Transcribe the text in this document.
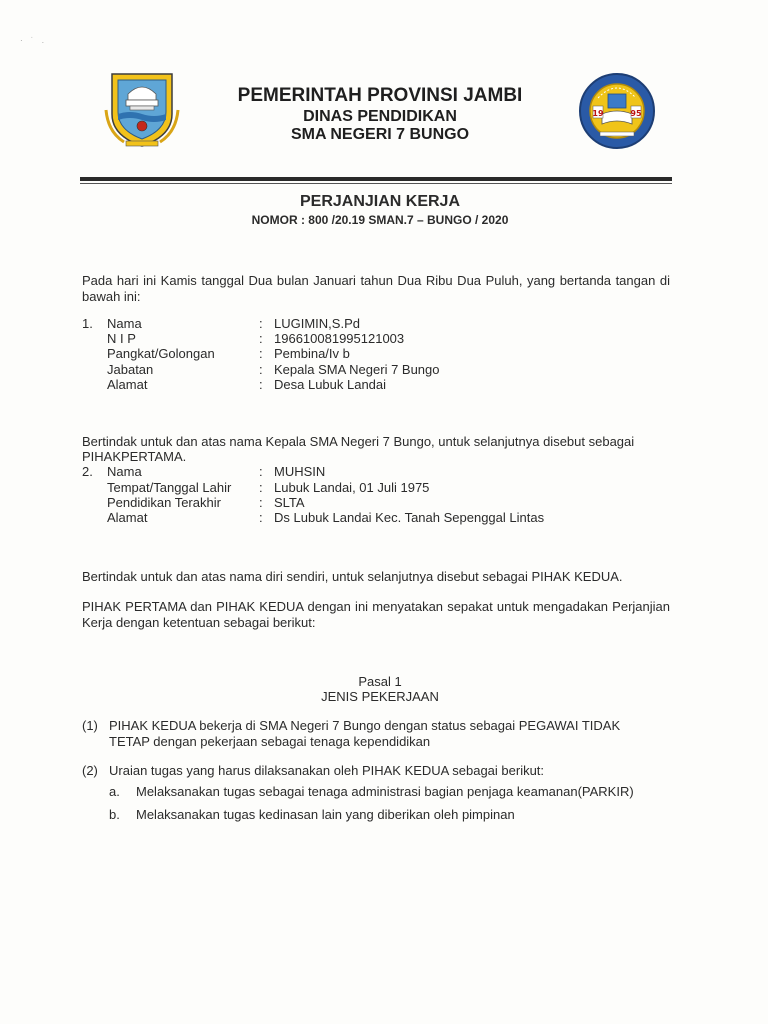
· ˙ .
PEMERINTAH PROVINSI JAMBI
DINAS PENDIDIKAN
SMA NEGERI 7 BUNGO
19	95
PERJANJIAN KERJA
NOMOR : 800 /20.19 SMAN.7 – BUNGO / 2020
Pada hari ini Kamis tanggal Dua bulan Januari tahun Dua Ribu Dua Puluh, yang bertanda tangan di bawah ini:
1. Nama	: LUGIMIN,S.Pd
N I P	: 196610081995121003
Pangkat/Golongan	: Pembina/Iv b
Jabatan	: Kepala SMA Negeri 7 Bungo
Alamat	: Desa Lubuk Landai
Bertindak untuk dan atas nama Kepala SMA Negeri 7 Bungo, untuk selanjutnya disebut sebagai
PIHAKPERTAMA.
2. Nama	: MUHSIN
Tempat/Tanggal Lahir : Lubuk Landai, 01 Juli 1975
Pendidikan Terakhir	: SLTA
Alamat	: Ds Lubuk Landai Kec. Tanah Sepenggal Lintas
Bertindak untuk dan atas nama diri sendiri, untuk selanjutnya disebut sebagai PIHAK KEDUA.
PIHAK PERTAMA dan PIHAK KEDUA dengan ini menyatakan sepakat untuk mengadakan Perjanjian Kerja dengan ketentuan sebagai berikut:
Pasal 1
JENIS PEKERJAAN
(1) PIHAK KEDUA bekerja di SMA Negeri 7 Bungo dengan status sebagai PEGAWAI TIDAK
TETAP dengan pekerjaan sebagai tenaga kependidikan
(2) Uraian tugas yang harus dilaksanakan oleh PIHAK KEDUA sebagai berikut:
a. Melaksanakan tugas sebagai tenaga administrasi bagian penjaga keamanan(PARKIR)
b. Melaksanakan tugas kedinasan lain yang diberikan oleh pimpinan
